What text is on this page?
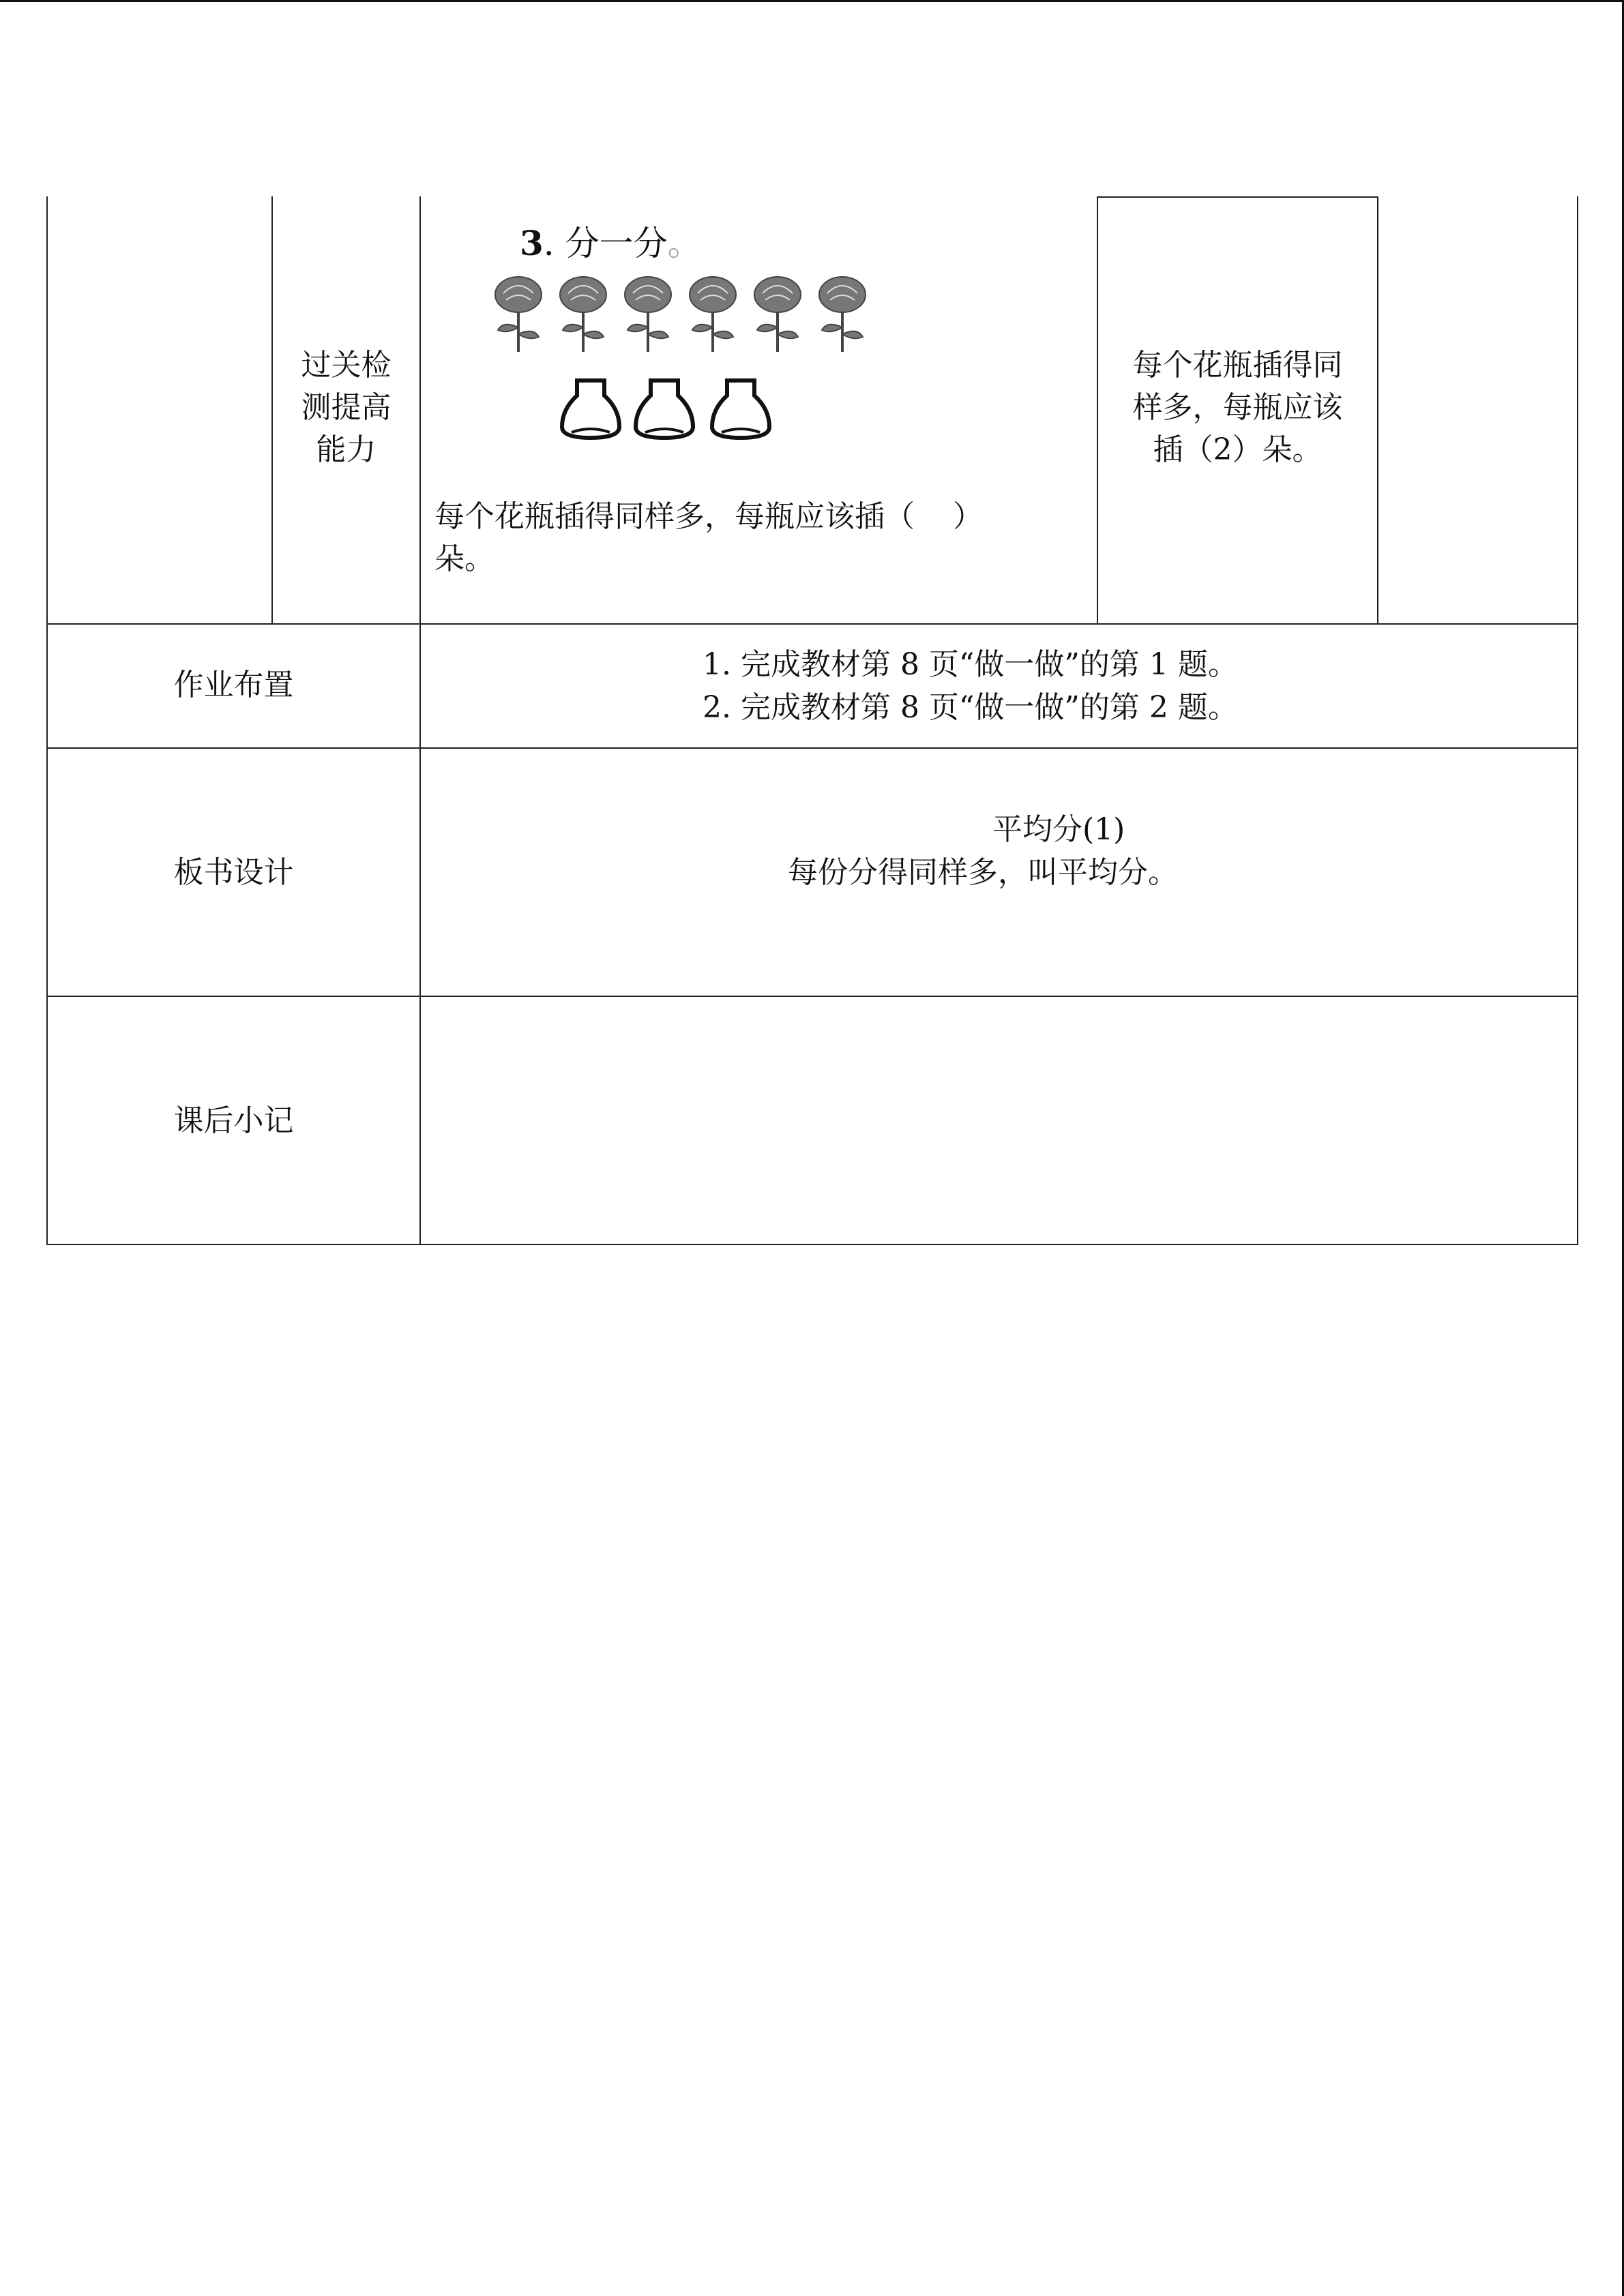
过关检
测提高
能力
3. 分一分。
每个花瓶插得同样多，每瓶应该插（    ）
朵。
每个花瓶插得同
样多，每瓶应该
插（2）朵。
作业布置
1. 完成教材第 8 页“做一做”的第 1 题。
2. 完成教材第 8 页“做一做”的第 2 题。
板书设计
平均分(1)
每份分得同样多，叫平均分。
课后小记
